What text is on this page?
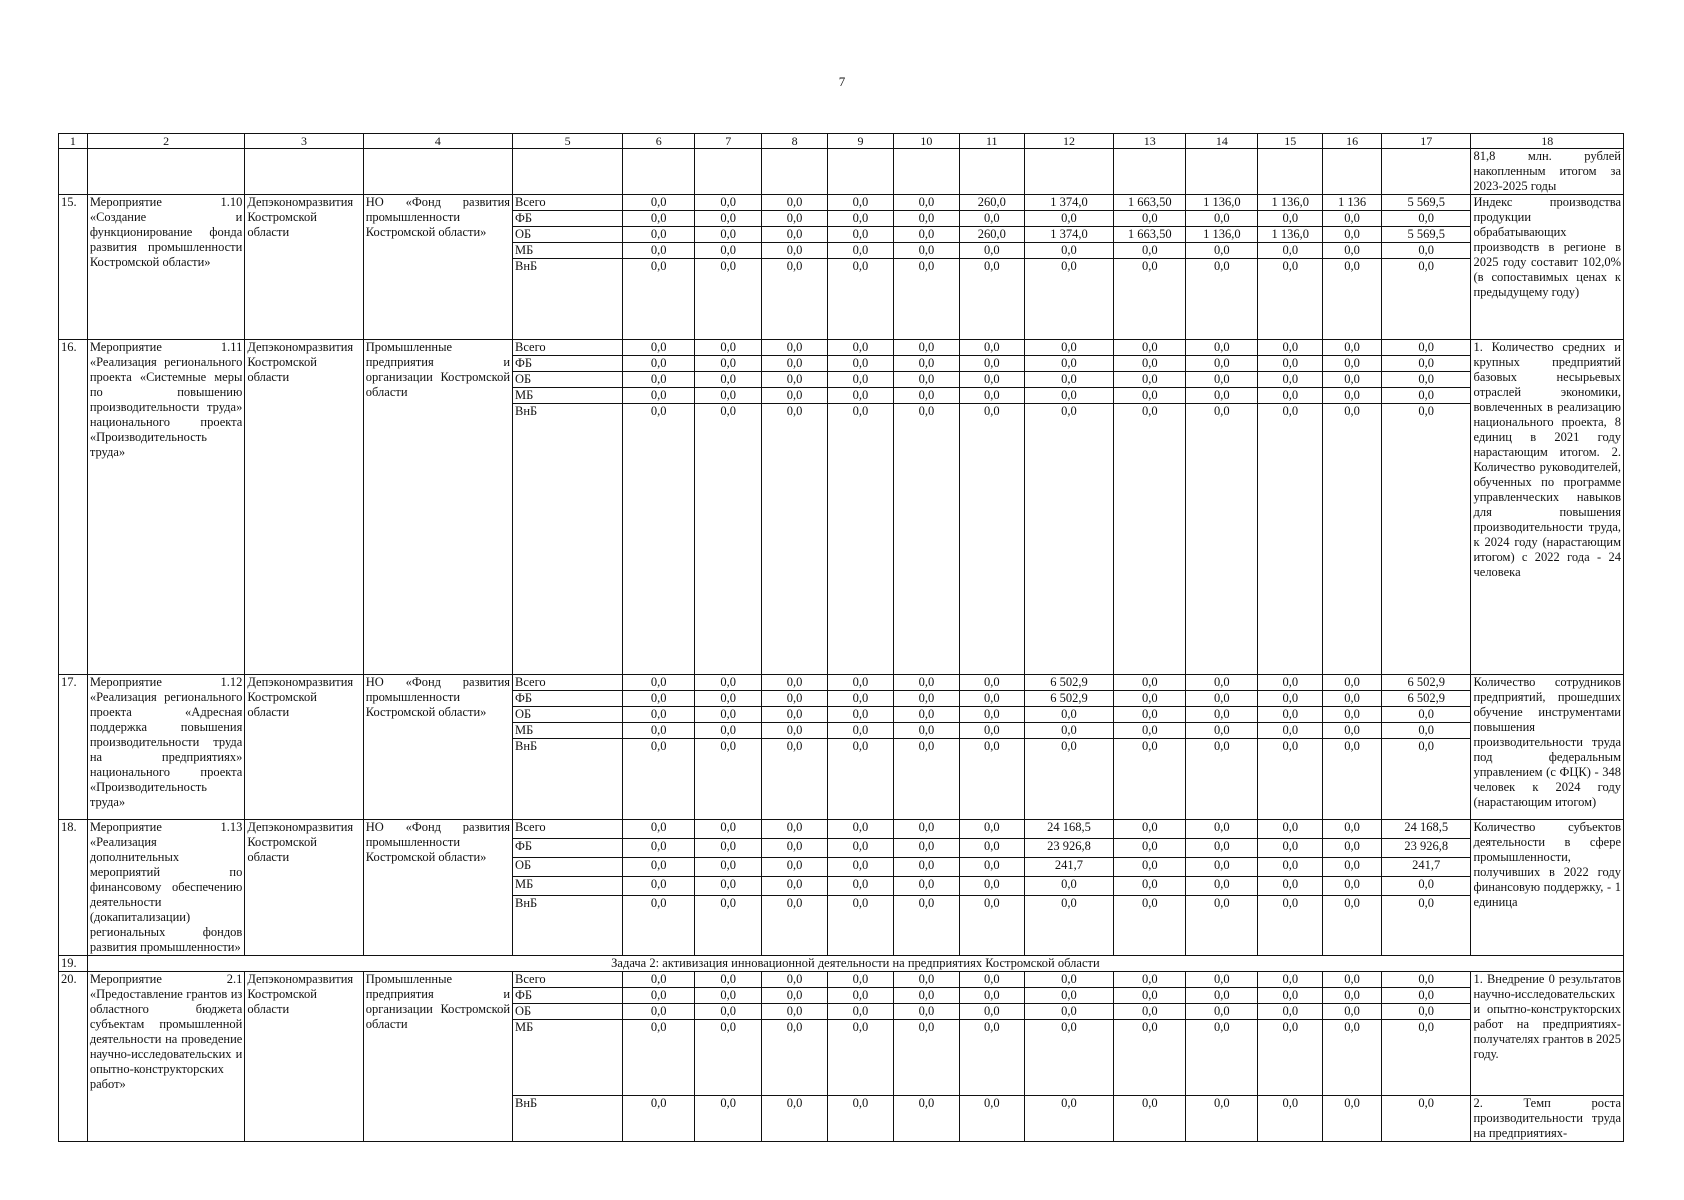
7
1	2	3	4	5	6	7	8	9	10	11	12	13	14	15	16	17	18
																	81,8 млн. рублей накопленным итогом за 2023-2025 годы
15.	Мероприятие 1.10 «Создание и функционирование фонда развития промышленности Костромской области»	Депэкономразвития Костромской области	НО «Фонд развития промышленности Костромской области»	Всего	0,0	0,0	0,0	0,0	0,0	260,0	1 374,0	1 663,50	1 136,0	1 136,0	1 136	5 569,5	Индекс производства продукции обрабатывающих производств в регионе в 2025 году составит 102,0% (в сопоставимых ценах к предыдущему году)
				ФБ	0,0	0,0	0,0	0,0	0,0	0,0	0,0	0,0	0,0	0,0	0,0	0,0	
				ОБ	0,0	0,0	0,0	0,0	0,0	260,0	1 374,0	1 663,50	1 136,0	1 136,0	0,0	5 569,5	
				МБ	0,0	0,0	0,0	0,0	0,0	0,0	0,0	0,0	0,0	0,0	0,0	0,0	
				ВнБ	0,0	0,0	0,0	0,0	0,0	0,0	0,0	0,0	0,0	0,0	0,0	0,0	
16.	Мероприятие 1.11 «Реализация регионального проекта «Системные меры по повышению производительности труда» национального проекта «Производительность труда»	Депэкономразвития Костромской области	Промышленные предприятия и организации Костромской области	Всего	0,0	0,0	0,0	0,0	0,0	0,0	0,0	0,0	0,0	0,0	0,0	0,0	1. Количество средних и крупных предприятий базовых несырьевых отраслей экономики, вовлеченных в реализацию национального проекта, 8 единиц в 2021 году нарастающим итогом. 2. Количество руководителей, обученных по программе управленческих навыков для повышения производительности труда, к 2024 году (нарастающим итогом) с 2022 года - 24 человека
				ФБ	0,0	0,0	0,0	0,0	0,0	0,0	0,0	0,0	0,0	0,0	0,0	0,0	
				ОБ	0,0	0,0	0,0	0,0	0,0	0,0	0,0	0,0	0,0	0,0	0,0	0,0	
				МБ	0,0	0,0	0,0	0,0	0,0	0,0	0,0	0,0	0,0	0,0	0,0	0,0	
				ВнБ	0,0	0,0	0,0	0,0	0,0	0,0	0,0	0,0	0,0	0,0	0,0	0,0	
17.	Мероприятие 1.12 «Реализация регионального проекта «Адресная поддержка повышения производительности труда на предприятиях» национального проекта «Производительность труда»	Депэкономразвития Костромской области	НО «Фонд развития промышленности Костромской области»	Всего	0,0	0,0	0,0	0,0	0,0	0,0	6 502,9	0,0	0,0	0,0	0,0	6 502,9	Количество сотрудников предприятий, прошедших обучение инструментами повышения производительности труда под федеральным управлением (с ФЦК) - 348 человек к 2024 году (нарастающим итогом)
				ФБ	0,0	0,0	0,0	0,0	0,0	0,0	6 502,9	0,0	0,0	0,0	0,0	6 502,9	
				ОБ	0,0	0,0	0,0	0,0	0,0	0,0	0,0	0,0	0,0	0,0	0,0	0,0	
				МБ	0,0	0,0	0,0	0,0	0,0	0,0	0,0	0,0	0,0	0,0	0,0	0,0	
				ВнБ	0,0	0,0	0,0	0,0	0,0	0,0	0,0	0,0	0,0	0,0	0,0	0,0	
18.	Мероприятие 1.13 «Реализация дополнительных мероприятий по финансовому обеспечению деятельности (докапитализации) региональных фондов развития промышленности»	Депэкономразвития Костромской области	НО «Фонд развития промышленности Костромской области»	Всего	0,0	0,0	0,0	0,0	0,0	0,0	24 168,5	0,0	0,0	0,0	0,0	24 168,5	Количество субъектов деятельности в сфере промышленности, получивших в 2022 году финансовую поддержку, - 1 единица
				ФБ	0,0	0,0	0,0	0,0	0,0	0,0	23 926,8	0,0	0,0	0,0	0,0	23 926,8	
				ОБ	0,0	0,0	0,0	0,0	0,0	0,0	241,7	0,0	0,0	0,0	0,0	241,7	
				МБ	0,0	0,0	0,0	0,0	0,0	0,0	0,0	0,0	0,0	0,0	0,0	0,0	
				ВнБ	0,0	0,0	0,0	0,0	0,0	0,0	0,0	0,0	0,0	0,0	0,0	0,0	
19.	Задача 2: активизация инновационной деятельности на предприятиях Костромской области																
20.	Мероприятие 2.1 «Предоставление грантов из областного бюджета субъектам промышленной деятельности на проведение научно-исследовательских и опытно-конструкторских работ»	Депэкономразвития Костромской области	Промышленные предприятия и организации Костромской области	Всего	0,0	0,0	0,0	0,0	0,0	0,0	0,0	0,0	0,0	0,0	0,0	0,0	1. Внедрение 0 результатов научно-исследовательских и опытно-конструкторских работ на предприятиях-получателях грантов в 2025 году.
				ФБ	0,0	0,0	0,0	0,0	0,0	0,0	0,0	0,0	0,0	0,0	0,0	0,0	
				ОБ	0,0	0,0	0,0	0,0	0,0	0,0	0,0	0,0	0,0	0,0	0,0	0,0	
				МБ	0,0	0,0	0,0	0,0	0,0	0,0	0,0	0,0	0,0	0,0	0,0	0,0	
				ВнБ	0,0	0,0	0,0	0,0	0,0	0,0	0,0	0,0	0,0	0,0	0,0	0,0	2. Темп роста производительности труда на предприятиях-
